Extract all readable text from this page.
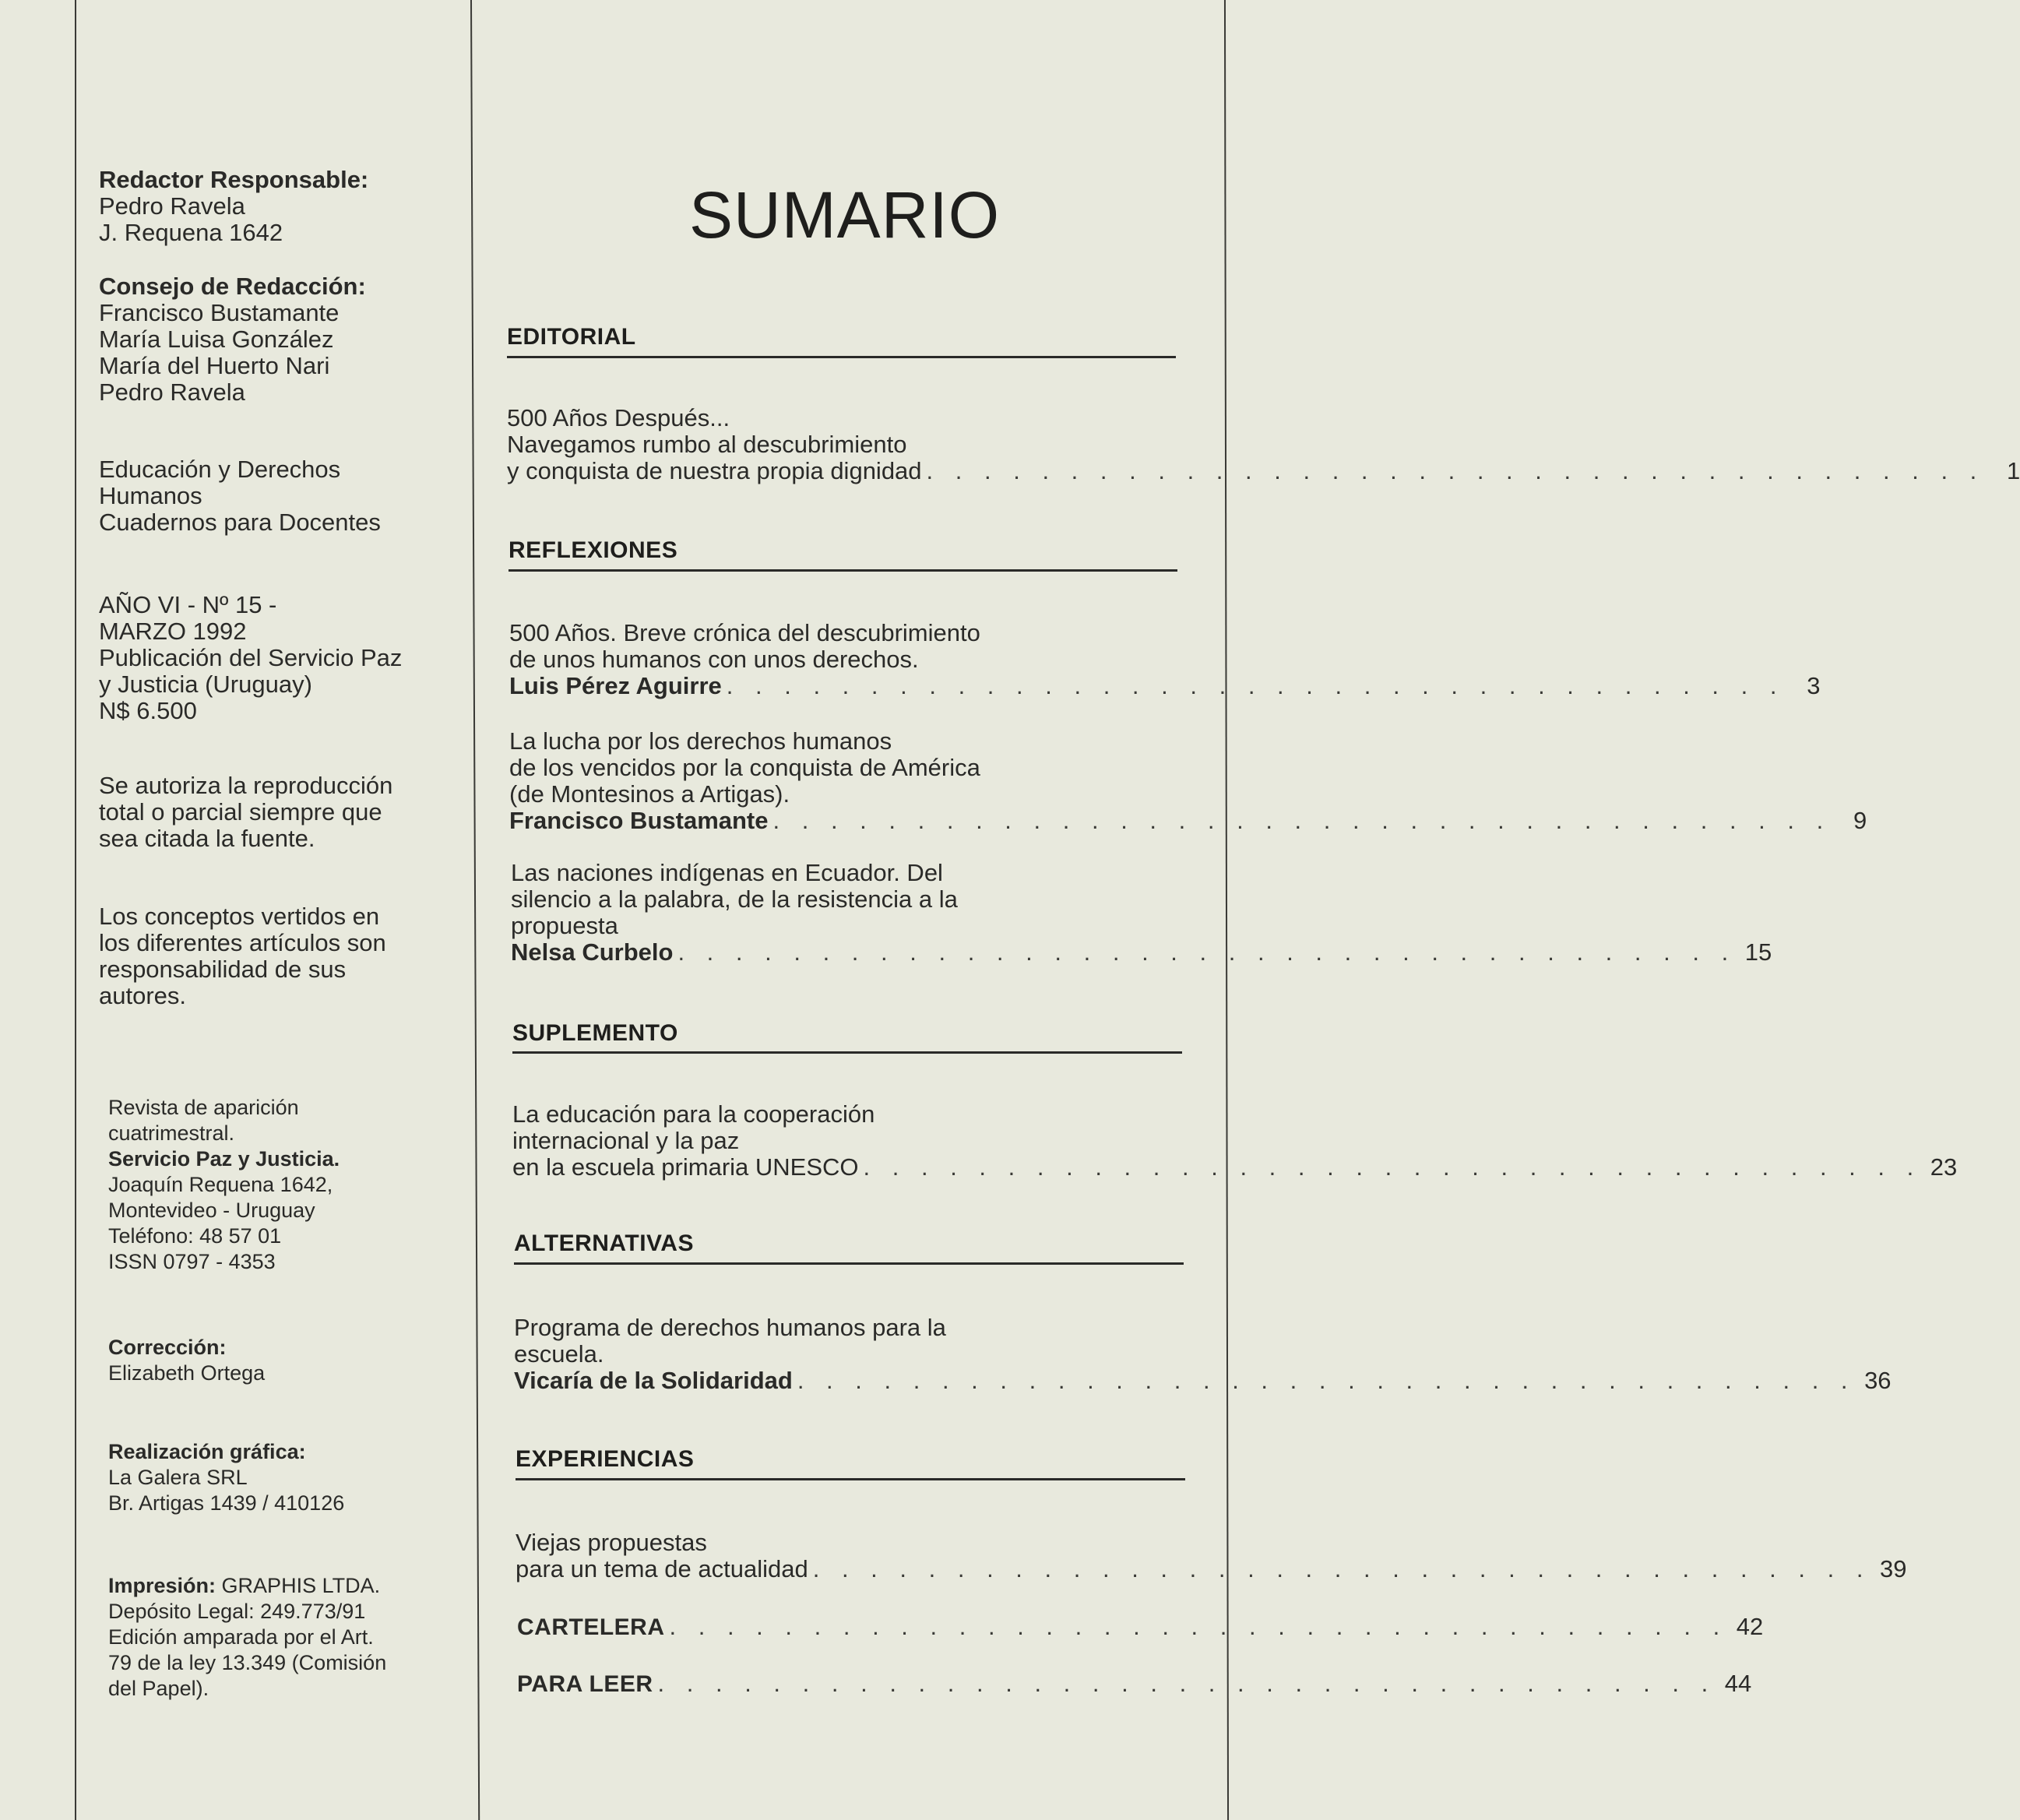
Redactor Responsable:
Pedro Ravela
J. Requena 1642
Consejo de Redacción:
Francisco Bustamante
María Luisa González
María del Huerto Nari
Pedro Ravela
Educación y Derechos
Humanos
Cuadernos para Docentes
AÑO VI - Nº 15 -
MARZO 1992
Publicación del Servicio Paz
y Justicia (Uruguay)
N$ 6.500
Se autoriza la reproducción
total o parcial siempre que
sea citada la fuente.
Los conceptos vertidos en
los diferentes artículos son
responsabilidad de sus
autores.
Revista de aparición
cuatrimestral.
Servicio Paz y Justicia.
Joaquín Requena 1642,
Montevideo - Uruguay
Teléfono: 48 57 01
ISSN 0797 - 4353
Corrección:
Elizabeth Ortega
Realización gráfica:
La Galera SRL
Br. Artigas 1439 / 410126
Impresión: GRAPHIS LTDA.
Depósito Legal: 249.773/91
Edición amparada por el Art.
79 de la ley 13.349 (Comisión
del Papel).
SUMARIO
EDITORIAL
500 Años Después...
Navegamos rumbo al descubrimiento
y conquista de nuestra propia dignidad . . . . . . . . . . . . . . . . . . . . . . . . . . . . . . . . . . . . . 1
REFLEXIONES
500 Años. Breve crónica del descubrimiento
de unos humanos con unos derechos.
Luis Pérez Aguirre . . . . . . . . . . . . . . . . . . . . . . . . . . . . . . . . . . . . . 3
La lucha por los derechos humanos
de los vencidos por la conquista de América
(de Montesinos a Artigas).
Francisco Bustamante . . . . . . . . . . . . . . . . . . . . . . . . . . . . . . . . . . . . . 9
Las naciones indígenas en Ecuador. Del
silencio a la palabra, de la resistencia a la
propuesta
Nelsa Curbelo . . . . . . . . . . . . . . . . . . . . . . . . . . . . . . . . . . . . . 15
SUPLEMENTO
La educación para la cooperación
internacional y la paz
en la escuela primaria UNESCO . . . . . . . . . . . . . . . . . . . . . . . . . . . . . . . . . . . . . 23
ALTERNATIVAS
Programa de derechos humanos para la
escuela.
Vicaría de la Solidaridad . . . . . . . . . . . . . . . . . . . . . . . . . . . . . . . . . . . . . 36
EXPERIENCIAS
Viejas propuestas
para un tema de actualidad . . . . . . . . . . . . . . . . . . . . . . . . . . . . . . . . . . . . . 39
CARTELERA . . . . . . . . . . . . . . . . . . . . . . . . . . . . . . . . . . . . . 42
PARA LEER . . . . . . . . . . . . . . . . . . . . . . . . . . . . . . . . . . . . . 44
